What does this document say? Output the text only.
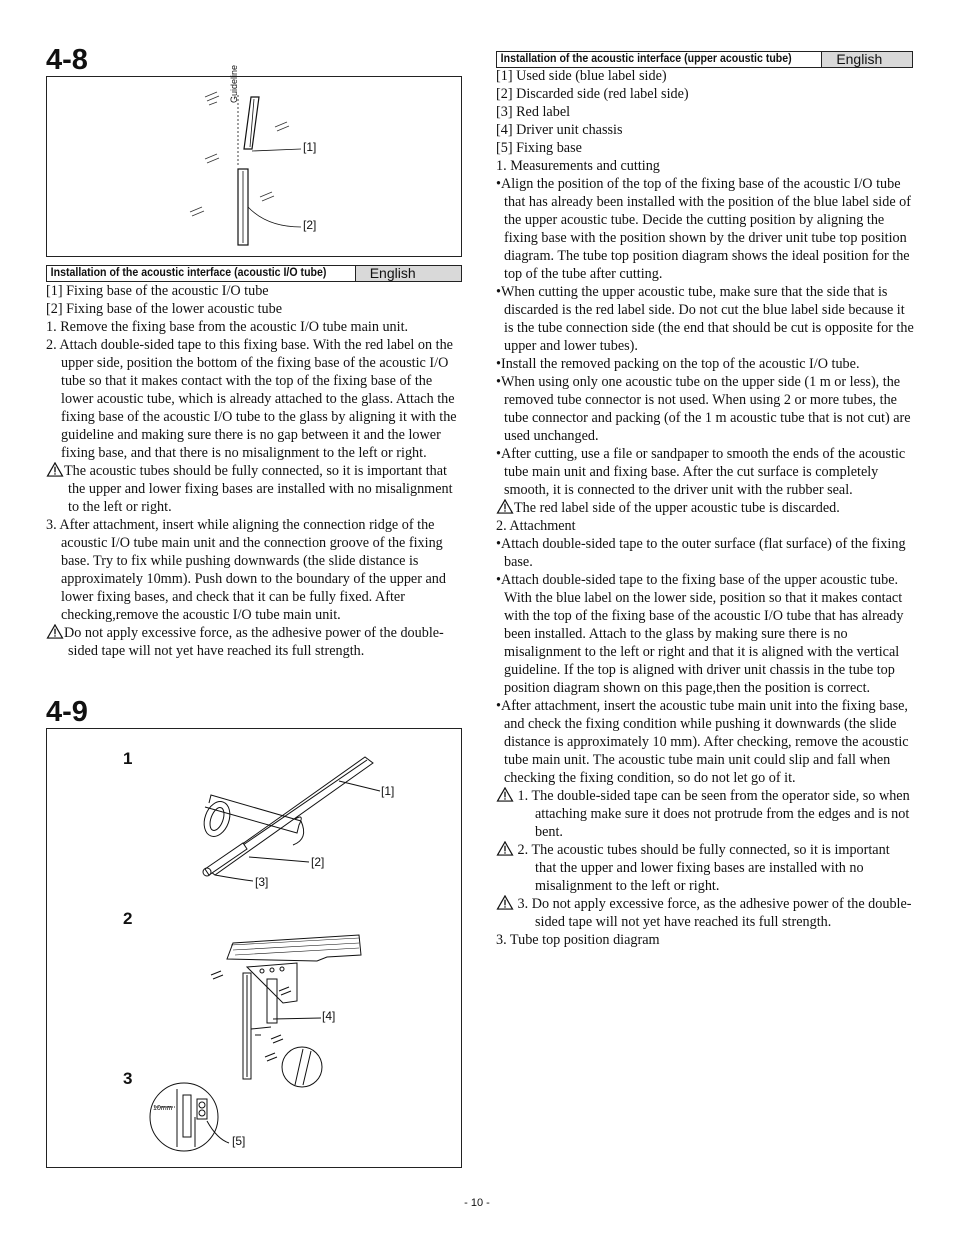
4-8
Guideline
[1]
[2]
Installation of the acoustic interface (acoustic I/O tube)	English

[1] Fixing base of the acoustic I/O tube

[2] Fixing base of the lower acoustic tube

1. Remove the fixing base from the acoustic I/O tube main unit.

2. Attach double-sided tape to this fixing base. With the red label on the upper side, position the bottom of the fixing base of the acoustic I/O tube so that it makes contact with the top of the fixing base of the lower acoustic tube, which is already attached to the glass. Attach the fixing base of the acoustic I/O tube to the glass by aligning it with the guideline and making sure there is no gap between it and the lower fixing base, and that there is no misalignment to the left or right.

The acoustic tubes should be fully connected, so it is important that the upper and lower fixing bases are installed with no misalignment to the left or right.

3. After attachment, insert while aligning the connection ridge of the acoustic I/O tube main unit and the connection groove of the fixing base. Try to fix while pushing downwards (the slide distance is approximately 10mm). Push down to the boundary of the upper and lower fixing bases, and check that it can be fully fixed. After checking,remove the acoustic I/O tube main unit.

Do not apply excessive force, as the adhesive power of the double-sided tape will not yet have reached its full strength.

4-9
1
2
3
[1]
[2]
[3]
[4]
[5]
10mm
Installation of the acoustic interface (upper acoustic tube)	English

[1] Used side (blue label side)

[2] Discarded side (red label side)

[3] Red label

[4] Driver unit chassis

[5] Fixing base

1. Measurements and cutting

•Align the position of the top of the fixing base of the acoustic I/O tube that has already been installed with the position of the blue label side of the upper acoustic tube. Decide the cutting position by aligning the fixing base with the position shown by the driver unit tube top position diagram. The tube top position diagram shows the ideal position for the top of the tube after cutting.

•When cutting the upper acoustic tube, make sure that the side that is discarded is the red label side. Do not cut the blue label side because it is the tube connection side (the end that should be cut is opposite for the upper and lower tubes).

•Install the removed packing on the top of the acoustic I/O tube.

•When using only one acoustic tube on the upper side (1 m or less), the removed tube connector is not used. When using 2 or more tubes, the tube connector and packing (of the 1 m acoustic tube that is not cut) are used unchanged.

•After cutting, use a file or sandpaper to smooth the ends of the acoustic tube main unit and fixing base. After the cut surface is completely smooth, it is connected to the driver unit with the rubber seal.

The red label side of the upper acoustic tube is discarded.

2. Attachment

•Attach double-sided tape to the outer surface (flat surface) of the fixing base.

•Attach double-sided tape to the fixing base of the upper acoustic tube. With the blue label on the lower side, position so that it makes contact with the top of the fixing base of the acoustic I/O tube that has already been installed. Attach to the glass by making sure there is no misalignment to the left or right and that it is aligned with the vertical guideline. If the top is aligned with driver unit chassis in the tube top position diagram shown on this page,then the position is correct.

•After attachment, insert the acoustic tube main unit into the fixing base, and check the fixing condition while pushing it downwards (the slide distance is approximately 10 mm). After checking, remove the acoustic tube main unit. The acoustic tube main unit could slip and fall when checking the fixing condition, so do not let go of it.

1. The double-sided tape can be seen from the operator side, so when attaching make sure it does not protrude from the edges and is not bent.

2. The acoustic tubes should be fully connected, so it is important that the upper and lower fixing bases are installed with no misalignment to the left or right.

3. Do not apply excessive force, as the adhesive power of the double-sided tape will not yet have reached its full strength.

3. Tube top position diagram

- 10 -
